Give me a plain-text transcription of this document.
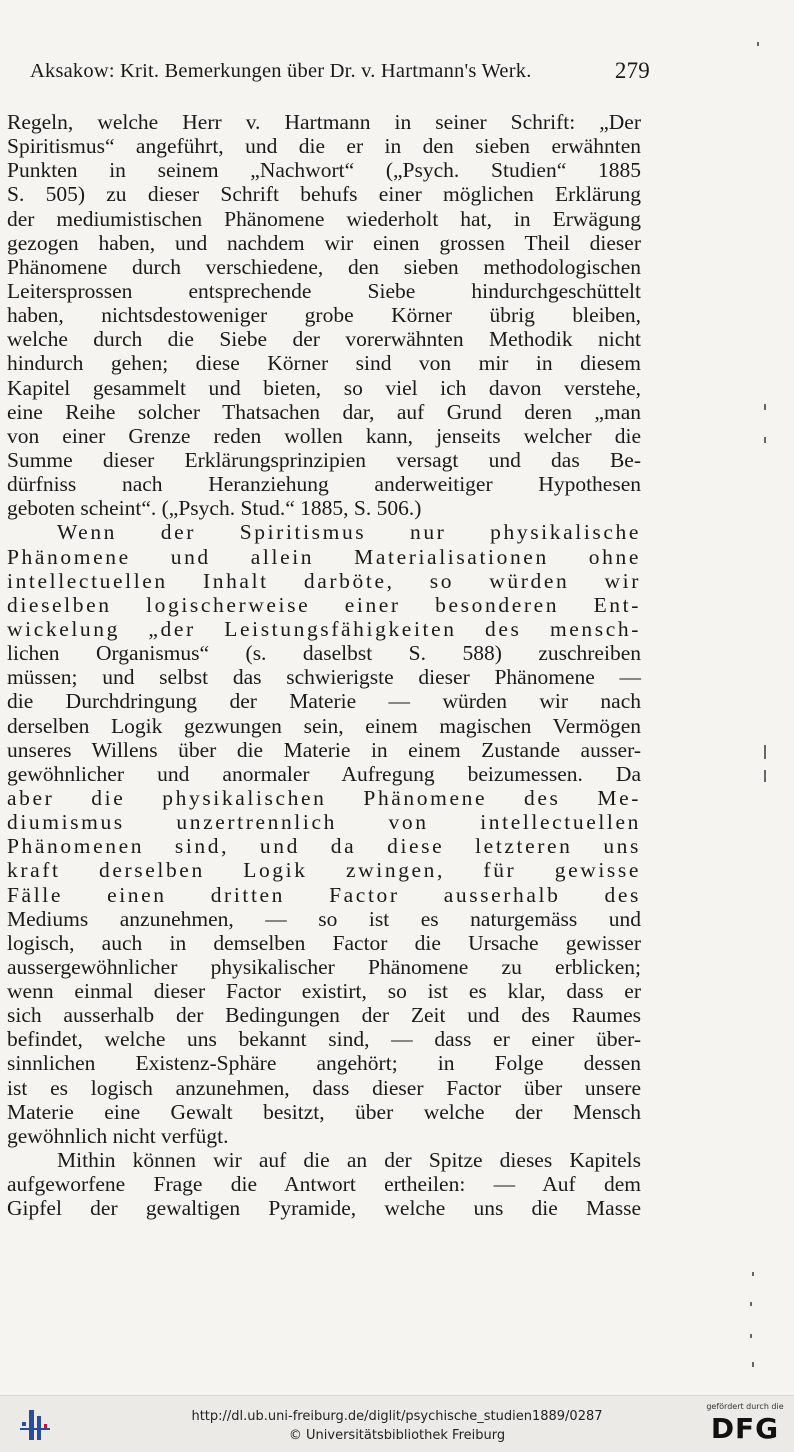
Aksakow: Krit. Bemerkungen über Dr. v. Hartmann's Werk.	279
Regeln, welche Herr v. Hartmann in seiner Schrift: „Der
Spiritismus“ angeführt, und die er in den sieben erwähnten
Punkten in seinem „Nachwort“ („Psych. Studien“ 1885
S. 505) zu dieser Schrift behufs einer möglichen Erklärung
der mediumistischen Phänomene wiederholt hat, in Erwägung
gezogen haben, und nachdem wir einen grossen Theil dieser
Phänomene durch verschiedene, den sieben methodologischen
Leitersprossen entsprechende Siebe hindurchgeschüttelt
haben, nichtsdestoweniger grobe Körner übrig bleiben,
welche durch die Siebe der vorerwähnten Methodik nicht
hindurch gehen; diese Körner sind von mir in diesem
Kapitel gesammelt und bieten, so viel ich davon verstehe,
eine Reihe solcher Thatsachen dar, auf Grund deren „man
von einer Grenze reden wollen kann, jenseits welcher die
Summe dieser Erklärungsprinzipien versagt und das Be-
dürfniss nach Heranziehung anderweitiger Hypothesen
geboten scheint“. („Psych. Stud.“ 1885, S. 506.)
Wenn der Spiritismus nur physikalische
Phänomene und allein Materialisationen ohne
intellectuellen Inhalt darböte, so würden wir
dieselben logischerweise einer besonderen Ent-
wickelung „der Leistungsfähigkeiten des mensch-
lichen Organismus“ (s. daselbst S. 588) zuschreiben
müssen; und selbst das schwierigste dieser Phänomene —
die Durchdringung der Materie — würden wir nach
derselben Logik gezwungen sein, einem magischen Vermögen
unseres Willens über die Materie in einem Zustande ausser-
gewöhnlicher und anormaler Aufregung beizumessen. Da
aber die physikalischen Phänomene des Me-
diumismus unzertrennlich von intellectuellen
Phänomenen sind, und da diese letzteren uns
kraft derselben Logik zwingen, für gewisse
Fälle einen dritten Factor ausserhalb des
Mediums anzunehmen, — so ist es naturgemäss und
logisch, auch in demselben Factor die Ursache gewisser
aussergewöhnlicher physikalischer Phänomene zu erblicken;
wenn einmal dieser Factor existirt, so ist es klar, dass er
sich ausserhalb der Bedingungen der Zeit und des Raumes
befindet, welche uns bekannt sind, — dass er einer über-
sinnlichen Existenz-Sphäre angehört; in Folge dessen
ist es logisch anzunehmen, dass dieser Factor über unsere
Materie eine Gewalt besitzt, über welche der Mensch
gewöhnlich nicht verfügt.
Mithin können wir auf die an der Spitze dieses Kapitels
aufgeworfene Frage die Antwort ertheilen: — Auf dem
Gipfel der gewaltigen Pyramide, welche uns die Masse
http://dl.ub.uni-freiburg.de/diglit/psychische_studien1889/0287
© Universitätsbibliothek Freiburg
gefördert durch die
DFG
